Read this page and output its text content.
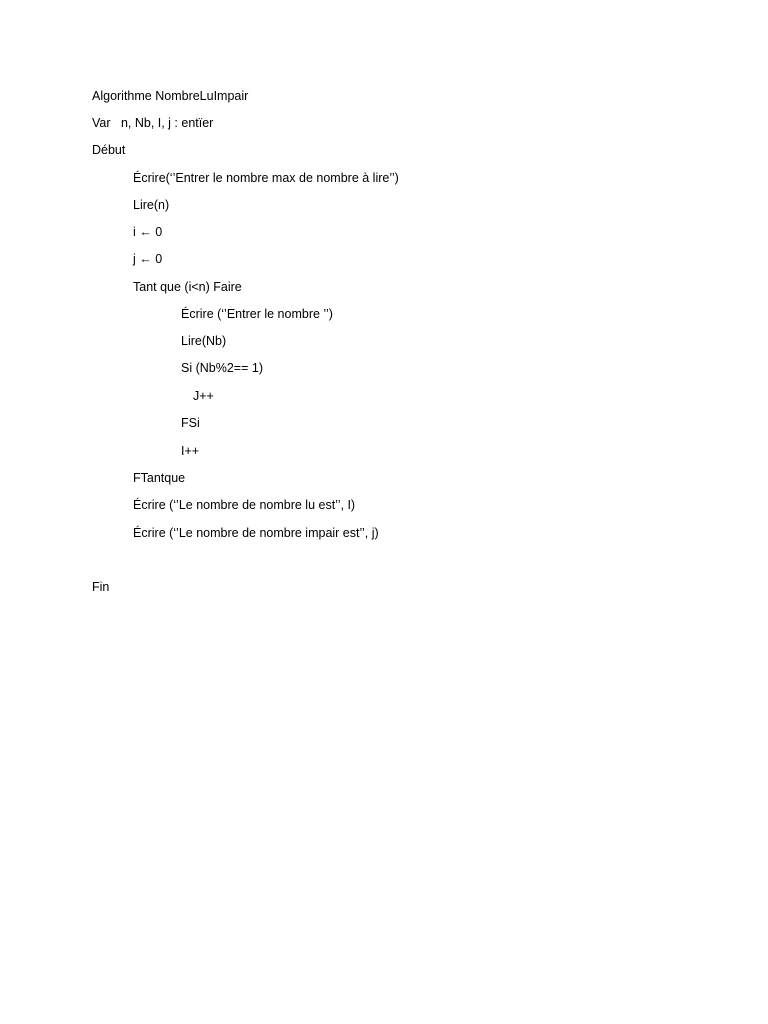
Algorithme NombreLuImpair
Var   n, Nb, I, j : entïer
Début
Écrire(‘’Entrer le nombre max de nombre à lire’’)
Lire(n)
i ← 0
j ← 0
Tant que (i<n) Faire
Écrire (‘’Entrer le nombre ’’)
Lire(Nb)
Si (Nb%2== 1)
J++
FSi
I++
FTantque
Écrire (‘’Le nombre de nombre lu est’’, I)
Écrire (‘’Le nombre de nombre impair est’’, j)
Fin
